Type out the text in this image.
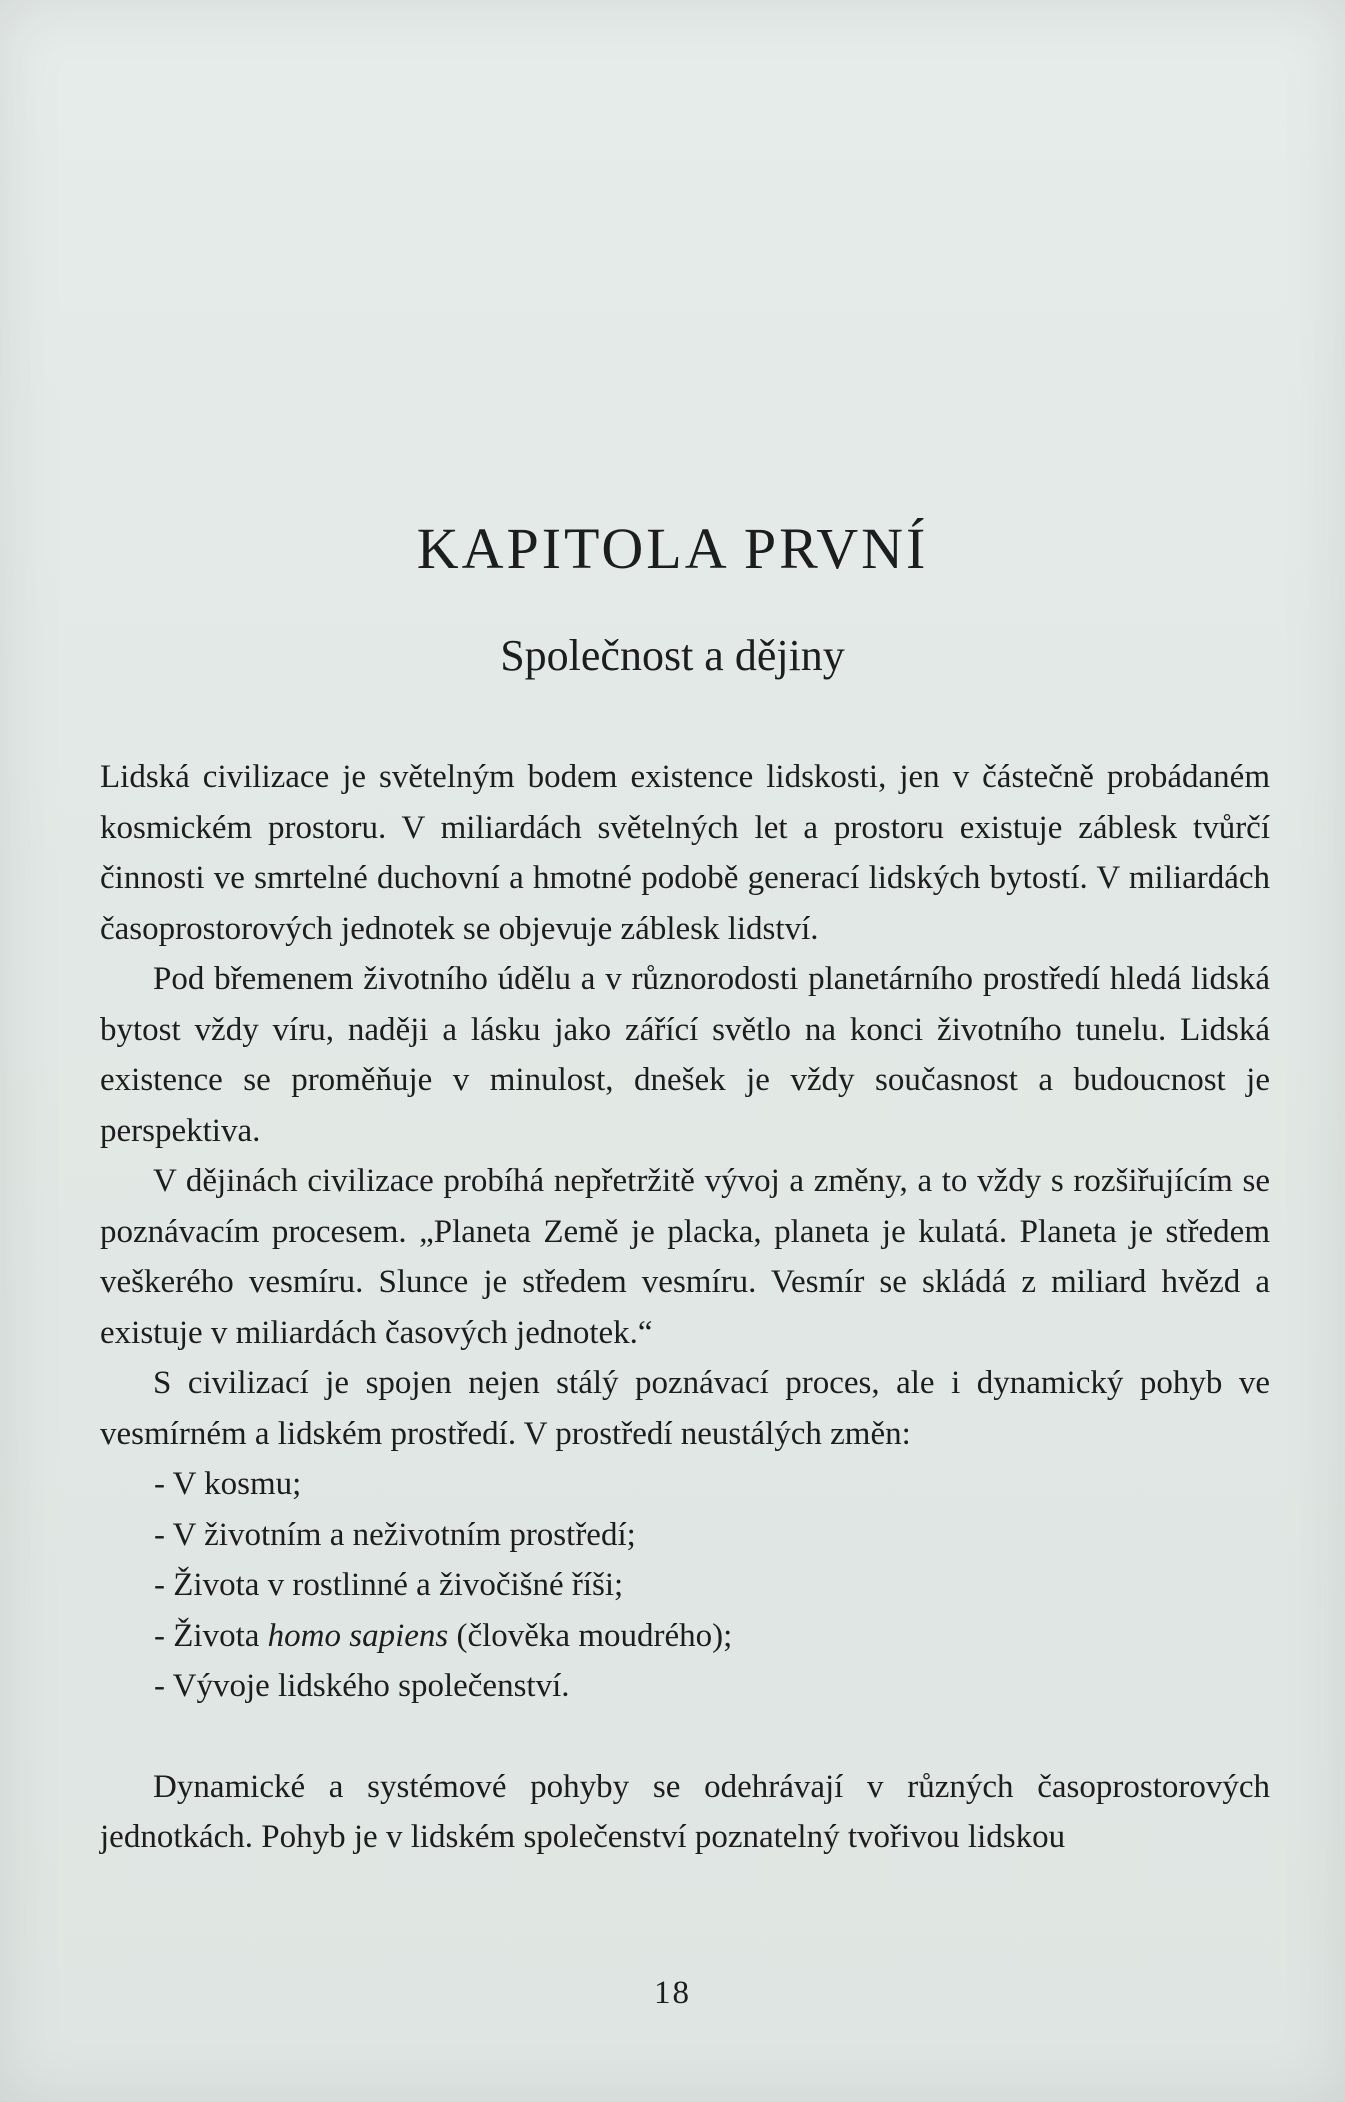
KAPITOLA PRVNÍ
Společnost a dějiny

Lidská civilizace je světelným bodem existence lidskosti, jen v částečně probádaném kosmickém prostoru. V miliardách světelných let a prostoru existuje záblesk tvůrčí činnosti ve smrtelné duchovní a hmotné podobě generací lidských bytostí. V miliardách časoprostorových jednotek se objevuje záblesk lidství.

Pod břemenem životního údělu a v různorodosti planetárního prostředí hledá lidská bytost vždy víru, naději a lásku jako zářící světlo na konci životního tunelu. Lidská existence se proměňuje v minulost, dnešek je vždy současnost a budoucnost je perspektiva.

V dějinách civilizace probíhá nepřetržitě vývoj a změny, a to vždy s rozšiřujícím se poznávacím procesem. „Planeta Země je placka, planeta je kulatá. Planeta je středem veškerého vesmíru. Slunce je středem vesmíru. Vesmír se skládá z miliard hvězd a existuje v miliardách časových jednotek.“

S civilizací je spojen nejen stálý poznávací proces, ale i dynamický pohyb ve vesmírném a lidském prostředí. V prostředí neustálých změn:

- V kosmu;
- V životním a neživotním prostředí;
- Života v rostlinné a živočišné říši;
- Života homo sapiens (člověka moudrého);
- Vývoje lidského společenství.

Dynamické a systémové pohyby se odehrávají v různých časoprostorových jednotkách. Pohyb je v lidském společenství poznatelný tvořivou lidskou

18
